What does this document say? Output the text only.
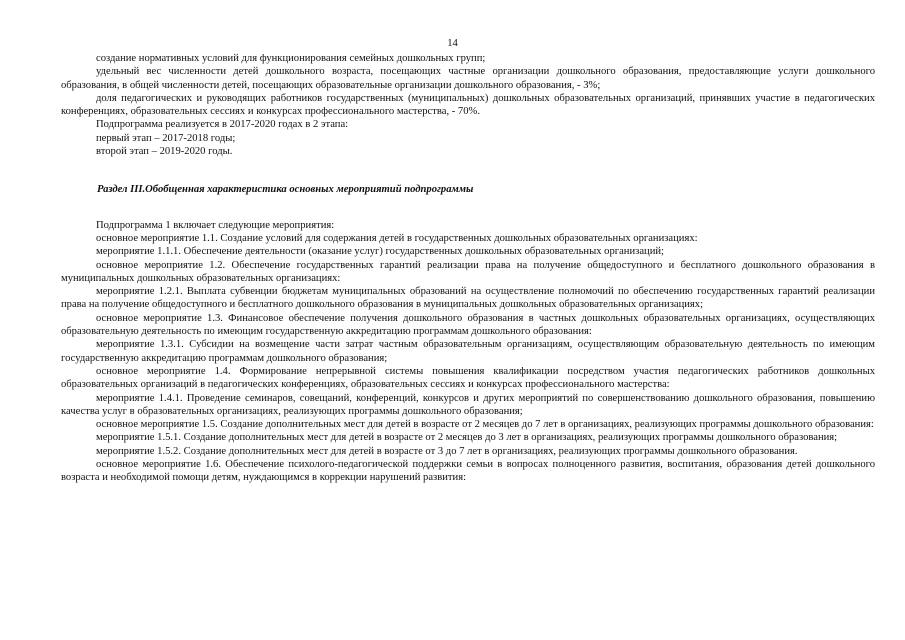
14

создание нормативных условий для функционирования семейных дошкольных групп;

удельный вес численности детей дошкольного возраста, посещающих частные организации дошкольного образования, предоставляющие услуги дошкольного образования, в общей численности детей, посещающих образовательные организации дошкольного образования, - 3%;

доля педагогических и руководящих работников государственных (муниципальных) дошкольных образовательных организаций, принявших участие в педагогических конференциях, образовательных сессиях и конкурсах профессионального мастерства, - 70%.

Подпрограмма реализуется в 2017-2020 годах в 2 этапа:

первый этап – 2017-2018 годы;

второй этап – 2019-2020 годы.

Раздел III.Обобщенная характеристика основных мероприятий подпрограммы

Подпрограмма 1 включает следующие мероприятия:

основное мероприятие 1.1. Создание условий для содержания детей в государственных дошкольных образовательных организациях:

мероприятие 1.1.1. Обеспечение деятельности (оказание услуг) государственных дошкольных образовательных организаций;

основное мероприятие 1.2. Обеспечение государственных гарантий реализации права на получение общедоступного и бесплатного дошкольного образования в муниципальных дошкольных образовательных организациях:

мероприятие 1.2.1. Выплата субвенции бюджетам муниципальных образований на осуществление полномочий по обеспечению государственных гарантий реализации права на получение общедоступного и бесплатного дошкольного образования в муниципальных дошкольных образовательных организациях;

основное мероприятие 1.3. Финансовое обеспечение получения дошкольного образования в частных дошкольных образовательных организациях, осуществляющих образовательную деятельность по имеющим государственную аккредитацию программам дошкольного образования:

мероприятие 1.3.1. Субсидии на возмещение части затрат частным образовательным организациям, осуществляющим образовательную деятельность по имеющим государственную аккредитацию программам дошкольного образования;

основное мероприятие 1.4. Формирование непрерывной системы повышения квалификации посредством участия педагогических работников дошкольных образовательных организаций в педагогических конференциях, образовательных сессиях и конкурсах профессионального мастерства:

мероприятие 1.4.1. Проведение семинаров, совещаний, конференций, конкурсов и других мероприятий по совершенствованию дошкольного образования, повышению качества услуг в образовательных организациях, реализующих программы дошкольного образования;

основное мероприятие 1.5. Создание дополнительных мест для детей в возрасте от 2 месяцев до 7 лет в организациях, реализующих программы дошкольного образования:

мероприятие 1.5.1. Создание дополнительных мест для детей в возрасте от 2 месяцев до 3 лет в организациях, реализующих программы дошкольного образования;

мероприятие 1.5.2. Создание дополнительных мест для детей в возрасте от 3 до 7 лет в организациях, реализующих программы дошкольного образования.

основное мероприятие 1.6. Обеспечение психолого-педагогической поддержки семьи в вопросах полноценного развития, воспитания, образования детей дошкольного возраста и необходимой помощи детям, нуждающимся в коррекции нарушений развития:
